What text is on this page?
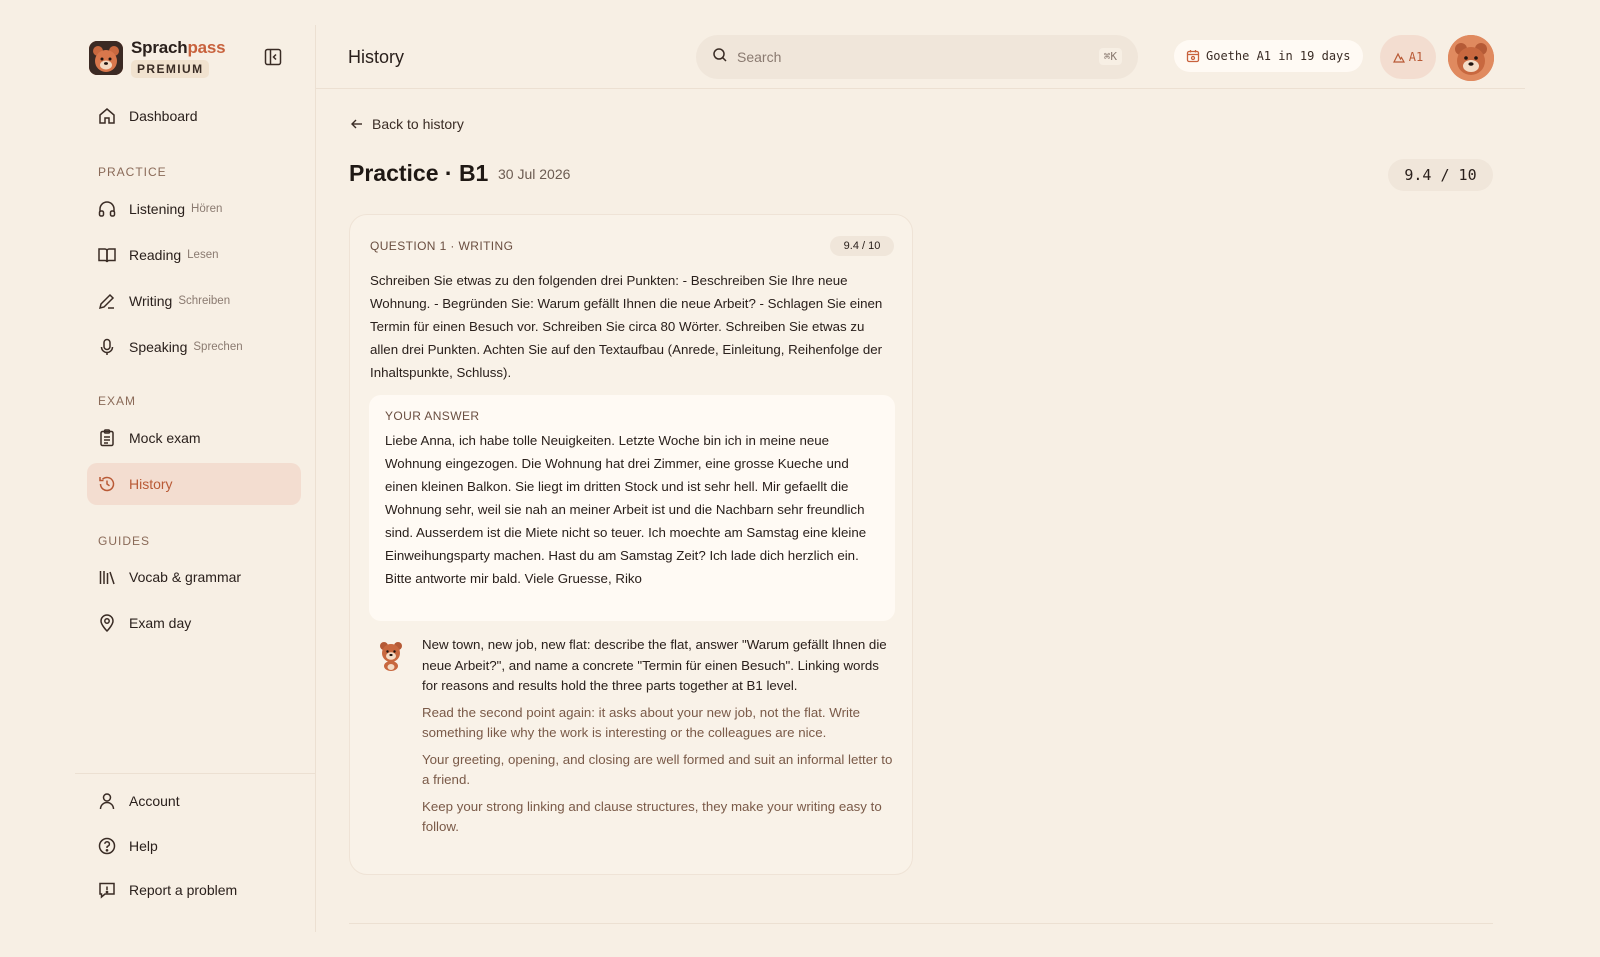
Sprachpass
PREMIUM
Dashboard
PRACTICE
Listening Hören
Reading Lesen
Writing Schreiben
Speaking Sprechen
EXAM
Mock exam
History
GUIDES
Vocab & grammar
Exam day
Account
Help
Report a problem
History	Search	⌘K	Goethe A1 in 19 days	A1
Back to history
Practice · B1 30 Jul 2026	9.4 / 10
QUESTION 1 · WRITING	9.4 / 10
Schreiben Sie etwas zu den folgenden drei Punkten: - Beschreiben Sie Ihre neue Wohnung. - Begründen Sie: Warum gefällt Ihnen die neue Arbeit? - Schlagen Sie einen Termin für einen Besuch vor. Schreiben Sie circa 80 Wörter. Schreiben Sie etwas zu allen drei Punkten. Achten Sie auf den Textaufbau (Anrede, Einleitung, Reihenfolge der Inhaltspunkte, Schluss).
YOUR ANSWER
Liebe Anna, ich habe tolle Neuigkeiten. Letzte Woche bin ich in meine neue Wohnung eingezogen. Die Wohnung hat drei Zimmer, eine grosse Kueche und einen kleinen Balkon. Sie liegt im dritten Stock und ist sehr hell. Mir gefaellt die Wohnung sehr, weil sie nah an meiner Arbeit ist und die Nachbarn sehr freundlich sind. Ausserdem ist die Miete nicht so teuer. Ich moechte am Samstag eine kleine Einweihungsparty machen. Hast du am Samstag Zeit? Ich lade dich herzlich ein. Bitte antworte mir bald. Viele Gruesse, Riko
New town, new job, new flat: describe the flat, answer "Warum gefällt Ihnen die neue Arbeit?", and name a concrete "Termin für einen Besuch". Linking words for reasons and results hold the three parts together at B1 level.
Read the second point again: it asks about your new job, not the flat. Write something like why the work is interesting or the colleagues are nice.
Your greeting, opening, and closing are well formed and suit an informal letter to a friend.
Keep your strong linking and clause structures, they make your writing easy to follow.
